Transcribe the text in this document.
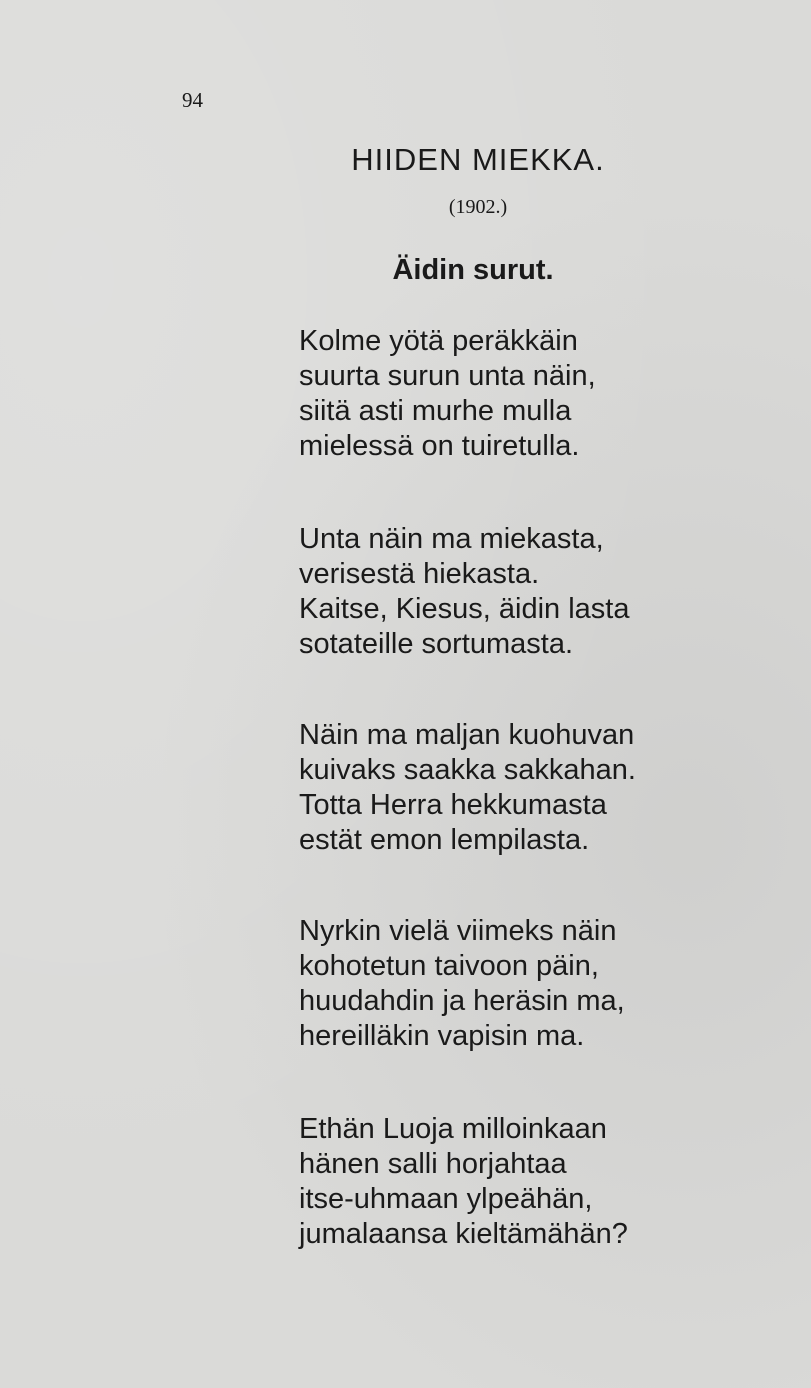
94
HIIDEN MIEKKA.
(1902.)
Äidin surut.
Kolme yötä peräkkäin
suurta surun unta näin,
siitä asti murhe mulla
mielessä on tuiretulla.
Unta näin ma miekasta,
verisestä hiekasta.
Kaitse, Kiesus, äidin lasta
sotateille sortumasta.
Näin ma maljan kuohuvan
kuivaks saakka sakkahan.
Totta Herra hekkumasta
estät emon lempilasta.
Nyrkin vielä viimeks näin
kohotetun taivoon päin,
huudahdin ja heräsin ma,
hereilläkin vapisin ma.
Ethän Luoja milloinkaan
hänen salli horjahtaa
itse-uhmaan ylpeähän,
jumalaansa kieltämähän?
